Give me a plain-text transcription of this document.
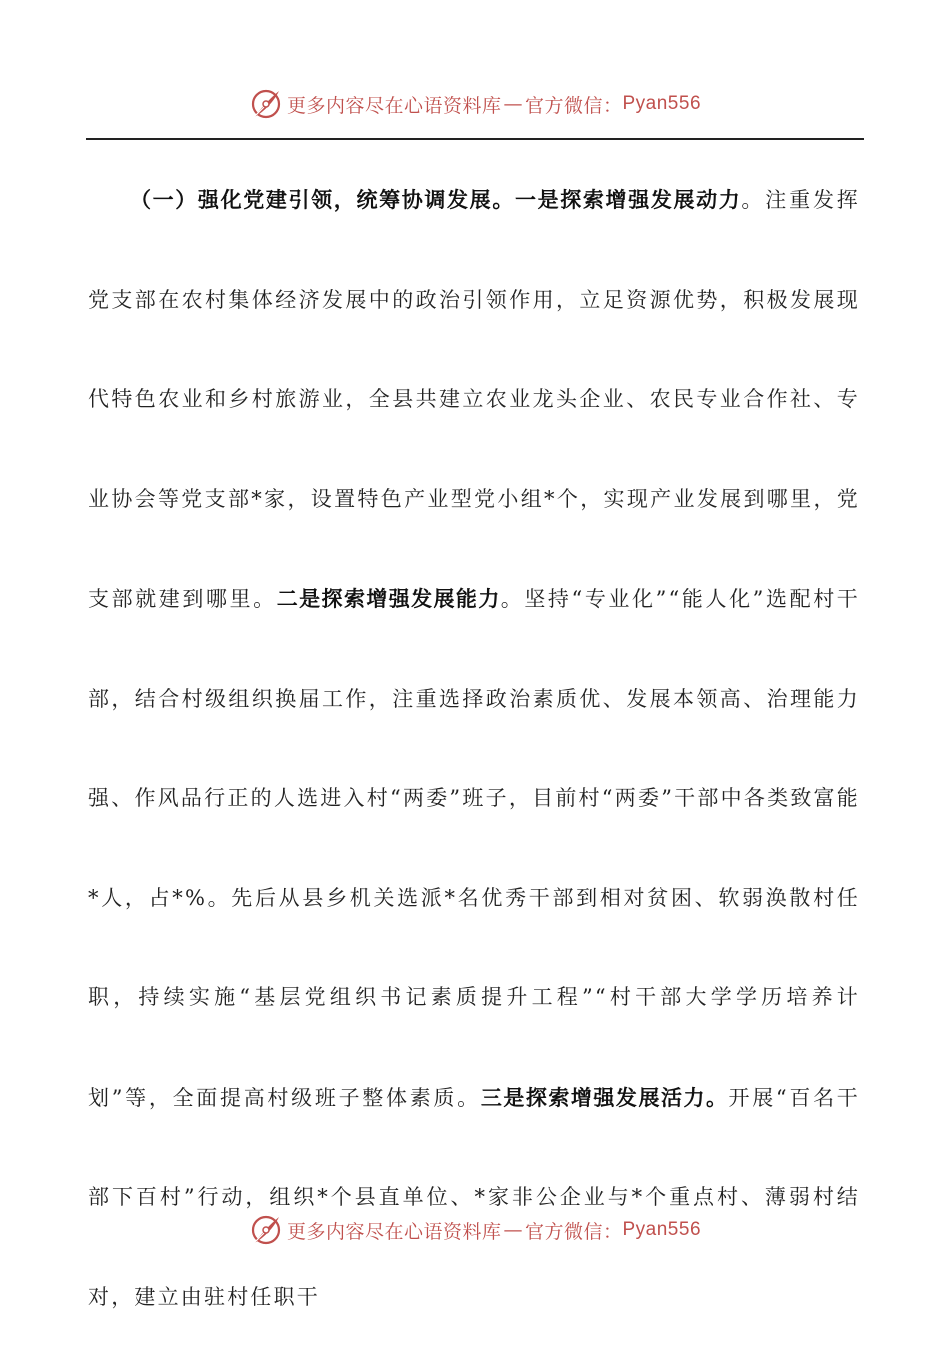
更多内容尽在心语资料库 — 官方微信： Pyan556

（一）强化党建引领，统筹协调发展。一是探索增强发展动力。注重发挥党支部在农村集体经济发展中的政治引领作用，立足资源优势，积极发展现代特色农业和乡村旅游业，全县共建立农业龙头企业、农民专业合作社、专业协会等党支部*家，设置特色产业型党小组*个，实现产业发展到哪里，党支部就建到哪里。二是探索增强发展能力。坚持“专业化”“能人化”选配村干部，结合村级组织换届工作，注重选择政治素质优、发展本领高、治理能力强、作风品行正的人选进入村“两委”班子，目前村“两委”干部中各类致富能*人，占*%。先后从县乡机关选派*名优秀干部到相对贫困、软弱涣散村任职，持续实施“基层党组织书记素质提升工程”“村干部大学学历培养计划”等，全面提高村级班子整体素质。三是探索增强发展活力。开展“百名干部下百村”行动，组织*个县直单位、*家非公企业与*个重点村、薄弱村结对，建立由驻村任职干

更多内容尽在心语资料库 — 官方微信： Pyan556
